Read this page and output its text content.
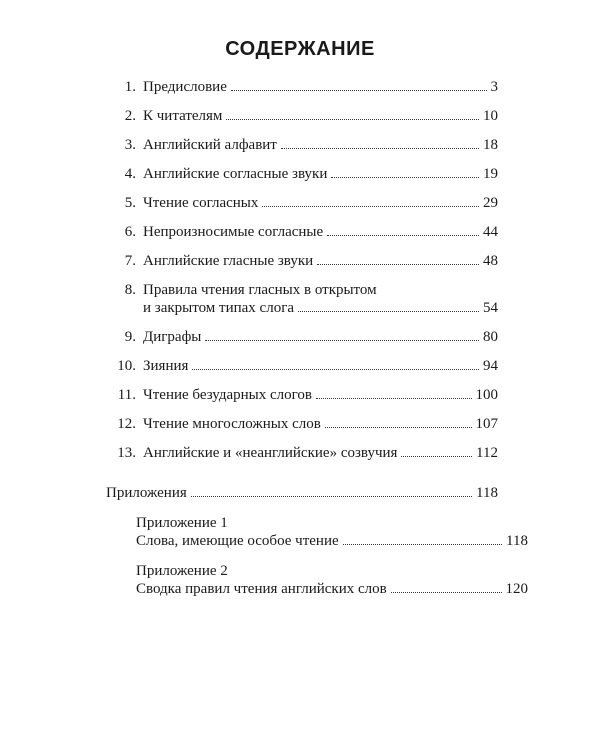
СОДЕРЖАНИЕ
1. Предисловие	3
2. К читателям	10
3. Английский алфавит	18
4. Английские согласные звуки	19
5. Чтение согласных	29
6. Непроизносимые согласные	44
7. Английские гласные звуки	48
8. Правила чтения гласных в открытом
и закрытом типах слога	54
9. Диграфы	80
10. Зияния	94
11. Чтение безударных слогов	100
12. Чтение многосложных слов	107
13. Английские и «неанглийские» созвучия	112
Приложения	118
Приложение 1
Слова, имеющие особое чтение	118
Приложение 2
Сводка правил чтения английских слов	120
